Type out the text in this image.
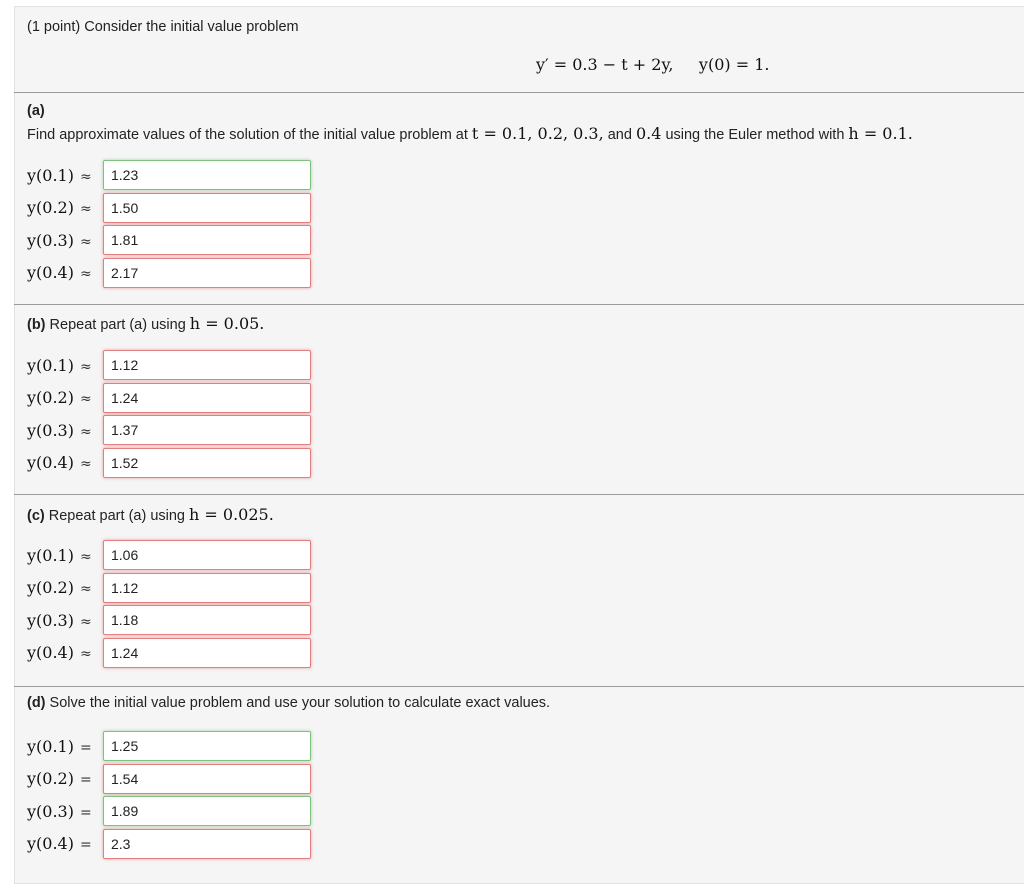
(1 point) Consider the initial value problem
y′ = 0.3 − t + 2y, y(0) = 1.
(a)
Find approximate values of the solution of the initial value problem at t = 0.1, 0.2, 0.3, and 0.4 using the Euler method with h = 0.1.
y(0.1) ≈	1.23
y(0.2) ≈	1.50
y(0.3) ≈	1.81
y(0.4) ≈	2.17
(b) Repeat part (a) using h = 0.05.
y(0.1) ≈	1.12
y(0.2) ≈	1.24
y(0.3) ≈	1.37
y(0.4) ≈	1.52
(c) Repeat part (a) using h = 0.025.
y(0.1) ≈	1.06
y(0.2) ≈	1.12
y(0.3) ≈	1.18
y(0.4) ≈	1.24
(d) Solve the initial value problem and use your solution to calculate exact values.
y(0.1) =	1.25
y(0.2) =	1.54
y(0.3) =	1.89
y(0.4) =	2.3
